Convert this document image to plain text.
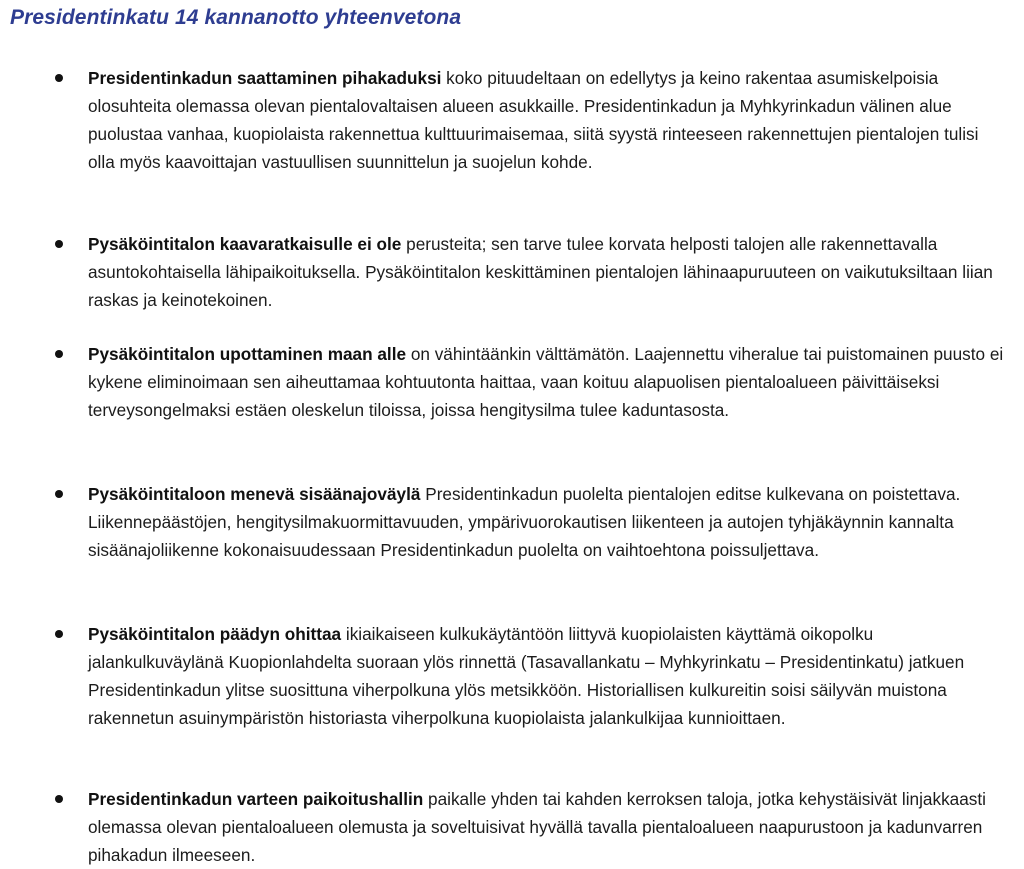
Presidentinkatu 14 kannanotto yhteenvetona
Presidentinkadun saattaminen pihakaduksi koko pituudeltaan on edellytys ja keino rakentaa asumiskelpoisia olosuhteita olemassa olevan pientalovaltaisen alueen asukkaille. Presidentinkadun ja Myhkyrinkadun välinen alue puolustaa vanhaa, kuopiolaista rakennettua kulttuurimaisemaa, siitä syystä rinteeseen rakennettujen pientalojen tulisi olla myös kaavoittajan vastuullisen suunnittelun ja suojelun kohde.
Pysäköintitalon kaavaratkaisulle ei ole perusteita; sen tarve tulee korvata helposti talojen alle rakennettavalla asuntokohtaisella lähipaikoituksella. Pysäköintitalon keskittäminen pientalojen lähinaapuruuteen on vaikutuksiltaan liian raskas ja keinotekoinen.
Pysäköintitalon upottaminen maan alle on vähintäänkin välttämätön. Laajennettu viheralue tai puistomainen puusto ei kykene eliminoimaan sen aiheuttamaa kohtuutonta haittaa, vaan koituu alapuolisen pientaloalueen päivittäiseksi terveysongelmaksi estäen oleskelun tiloissa, joissa hengitysilma tulee kaduntasosta.
Pysäköintitaloon menevä sisäänajoväylä Presidentinkadun puolelta pientalojen editse kulkevana on poistettava. Liikennepäästöjen, hengitysilmakuormittavuuden, ympärivuorokautisen liikenteen ja autojen tyhjäkäynnin kannalta sisäänajoliikenne kokonaisuudessaan Presidentinkadun puolelta on vaihtoehtona poissuljettava.
Pysäköintitalon päädyn ohittaa ikiaikaiseen kulkukäytäntöön liittyvä kuopiolaisten käyttämä oikopolku jalankulkuväylänä Kuopionlahdelta suoraan ylös rinnettä (Tasavallankatu – Myhkyrinkatu – Presidentinkatu) jatkuen Presidentinkadun ylitse suosittuna viherpolkuna ylös metsikköön. Historiallisen kulkureitin soisi säilyvän muistona rakennetun asuinympäristön historiasta viherpolkuna kuopiolaista jalankulkijaa kunnioittaen.
Presidentinkadun varteen paikoitushallin paikalle yhden tai kahden kerroksen taloja, jotka kehystäisivät linjakkaasti olemassa olevan pientaloalueen olemusta ja soveltuisivat hyvällä tavalla pientaloalueen naapurustoon ja kadunvarren pihakadun ilmeeseen.
